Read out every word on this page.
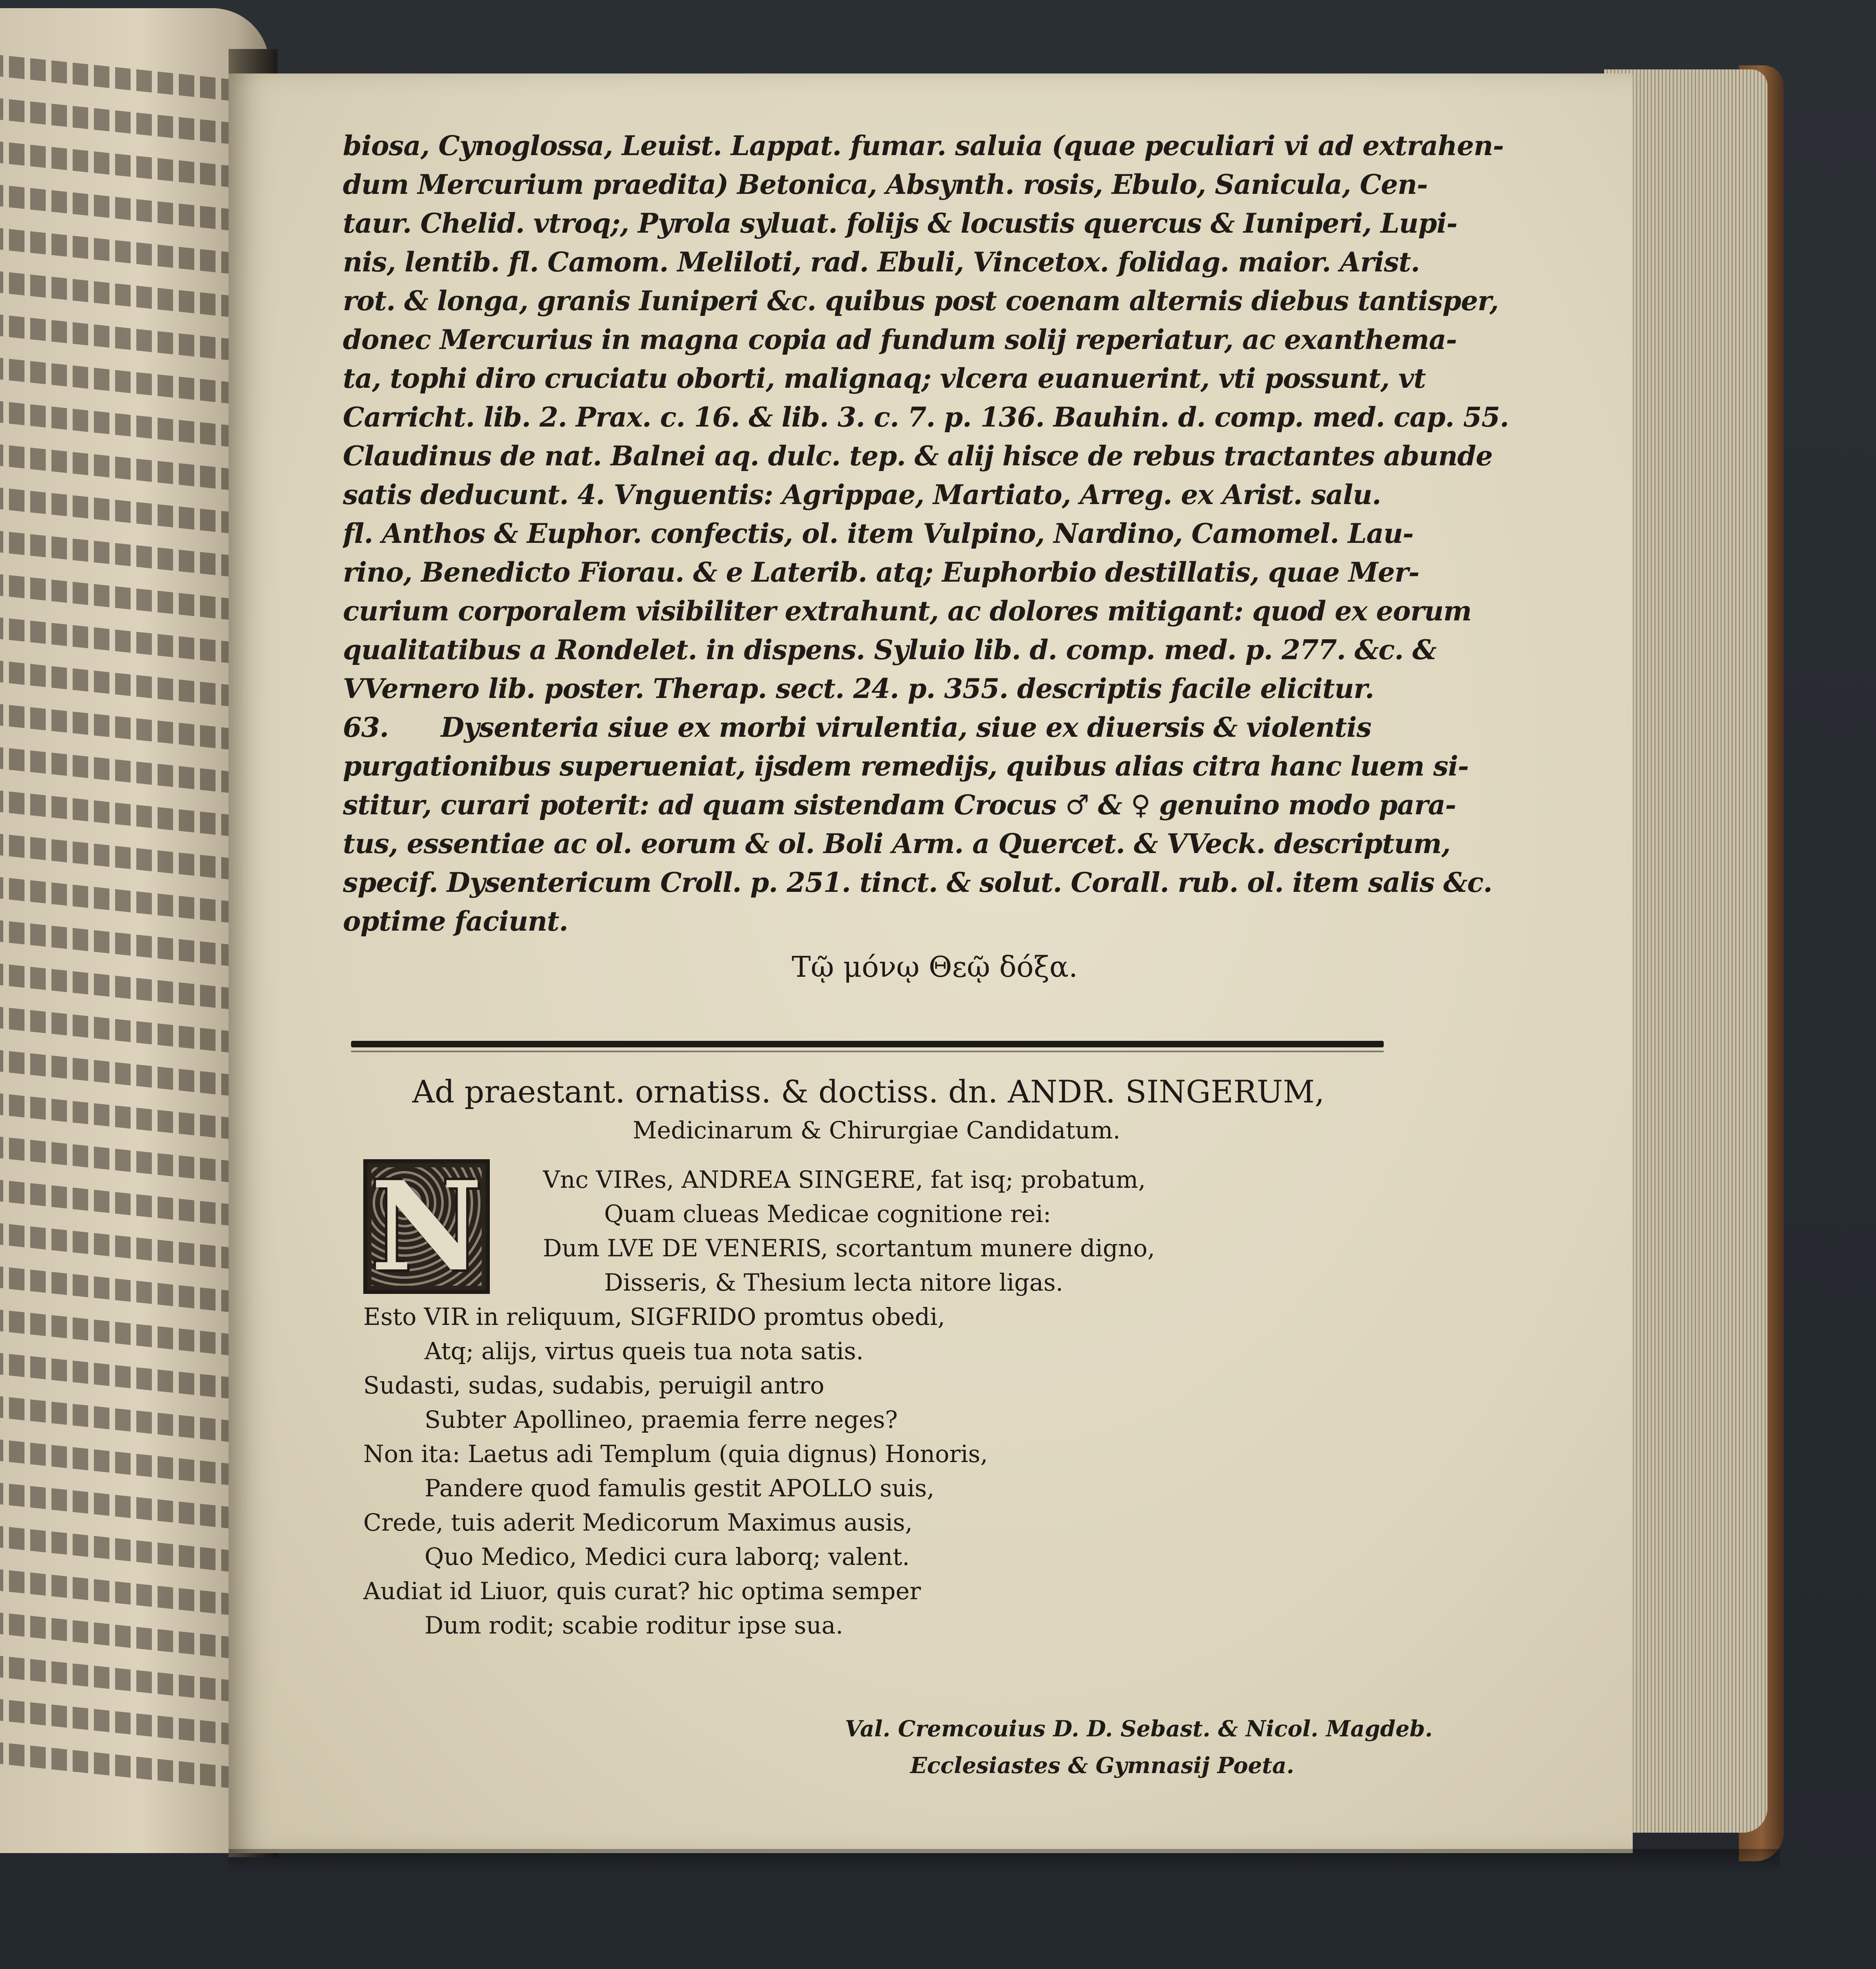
biosa, Cynoglossa, Leuist. Lappat. fumar. saluia (quae peculiari vi ad extrahen-
dum Mercurium praedita) Betonica, Absynth. rosis, Ebulo, Sanicula, Cen-
taur. Chelid. vtroq;, Pyrola syluat. folijs & locustis quercus & Iuniperi, Lupi-
nis, lentib. fl. Camom. Meliloti, rad. Ebuli, Vincetox. folidag. maior. Arist.
rot. & longa, granis Iuniperi &c. quibus post coenam alternis diebus tantisper,
donec Mercurius in magna copia ad fundum solij reperiatur, ac exanthema-
ta, tophi diro cruciatu oborti, malignaq; vlcera euanuerint, vti possunt, vt
Carricht. lib. 2. Prax. c. 16. & lib. 3. c. 7. p. 136. Bauhin. d. comp. med. cap. 55.
Claudinus de nat. Balnei aq. dulc. tep. & alij hisce de rebus tractantes abunde
satis deducunt. 4. Vnguentis: Agrippae, Martiato, Arreg. ex Arist. salu.
fl. Anthos & Euphor. confectis, ol. item Vulpino, Nardino, Camomel. Lau-
rino, Benedicto Fiorau. & e Laterib. atq; Euphorbio destillatis, quae Mer-
curium corporalem visibiliter extrahunt, ac dolores mitigant: quod ex eorum
qualitatibus a Rondelet. in dispens. Syluio lib. d. comp. med. p. 277. &c. &
VVernero lib. poster. Therap. sect. 24. p. 355. descriptis facile elicitur.
63. Dysenteria siue ex morbi virulentia, siue ex diuersis & violentis
purgationibus superueniat, ijsdem remedijs, quibus alias citra hanc luem si-
stitur, curari poterit: ad quam sistendam Crocus ♂ & ♀ genuino modo para-
tus, essentiae ac ol. eorum & ol. Boli Arm. a Quercet. & VVeck. descriptum,
specif. Dysentericum Croll. p. 251. tinct. & solut. Corall. rub. ol. item salis &c.
optime faciunt.
Τῷ μόνῳ Θεῷ δόξα.
Ad praestant. ornatiss. & doctiss. dn. ANDR. SINGERUM,
Medicinarum & Chirurgiae Candidatum.
N	Vnc VIRes, ANDREA SINGERE, fat isq; probatum,
Quam clueas Medicae cognitione rei:
Dum LVE DE VENERIS, scortantum munere digno,
Disseris, & Thesium lecta nitore ligas.
Esto VIR in reliquum, SIGFRIDO promtus obedi,
Atq; alijs, virtus queis tua nota satis.
Sudasti, sudas, sudabis, peruigil antro
Subter Apollineo, praemia ferre neges?
Non ita: Laetus adi Templum (quia dignus) Honoris,
Pandere quod famulis gestit APOLLO suis,
Crede, tuis aderit Medicorum Maximus ausis,
Quo Medico, Medici cura laborq; valent.
Audiat id Liuor, quis curat? hic optima semper
Dum rodit; scabie roditur ipse sua.
Val. Cremcouius D. D. Sebast. & Nicol. Magdeb.
Ecclesiastes & Gymnasij Poeta.
